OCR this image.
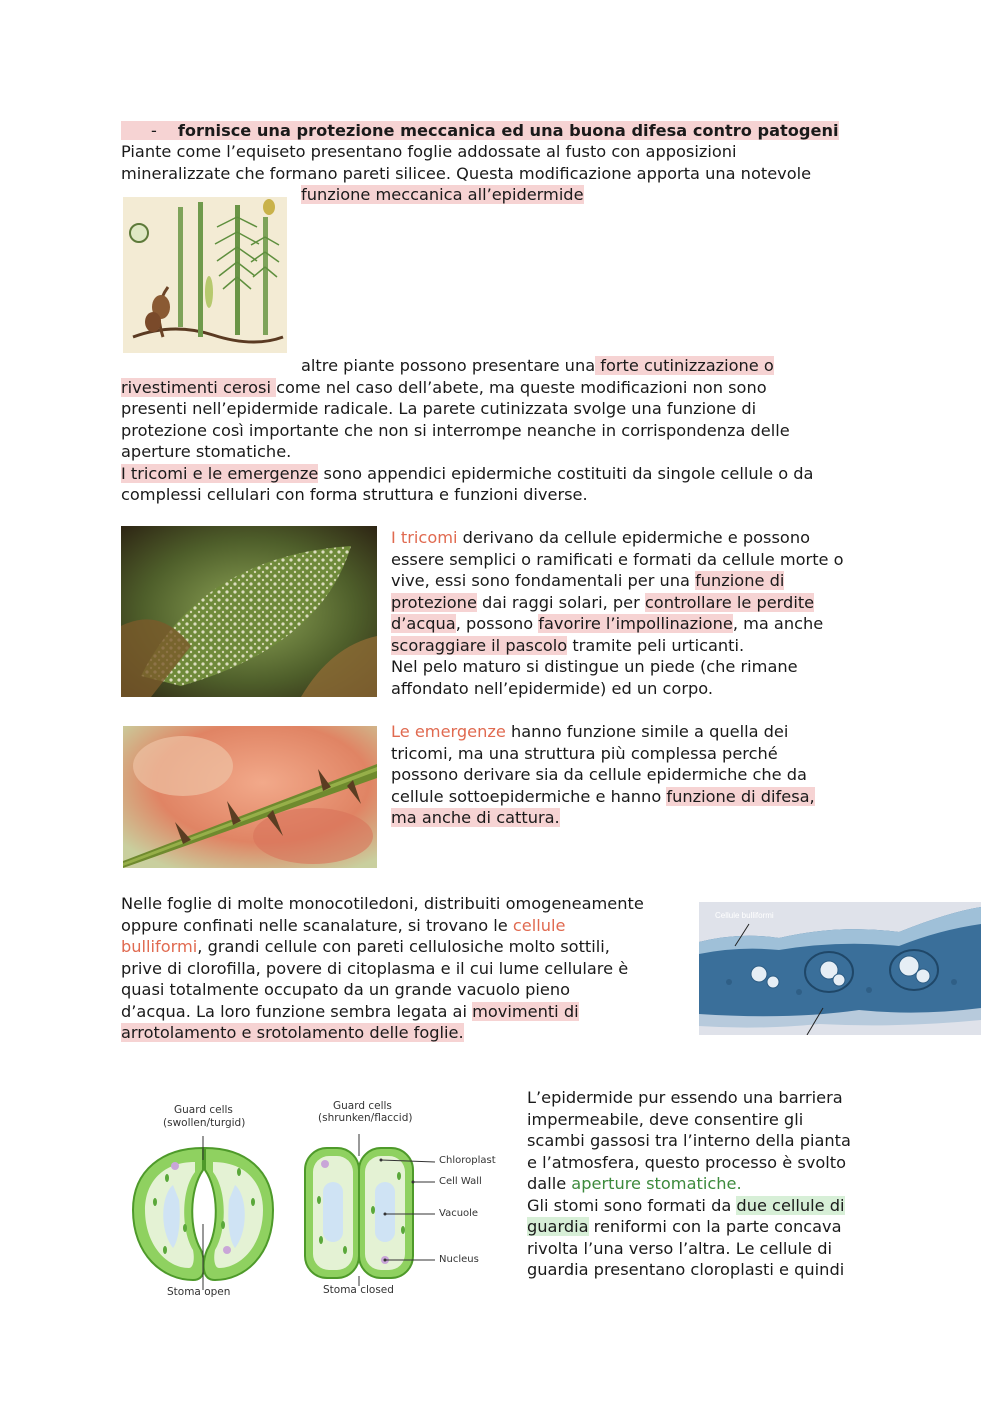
- fornisce una protezione meccanica ed una buona difesa contro patogeni

Piante come l’equiseto presentano foglie addossate al fusto con apposizioni

mineralizzate che formano pareti silicee. Questa modificazione apporta una notevole

funzione meccanica all’epidermide

altre piante possono presentare una forte cutinizzazione o

rivestimenti cerosi come nel caso dell’abete, ma queste modificazioni non sono

presenti nell’epidermide radicale. La parete cutinizzata svolge una funzione di

protezione così importante che non si interrompe neanche in corrispondenza delle

aperture stomatiche.

I tricomi e le emergenze sono appendici epidermiche costituiti da singole cellule o da

complessi cellulari con forma struttura e funzioni diverse.

I tricomi derivano da cellule epidermiche e possono

essere semplici o ramificati e formati da cellule morte o

vive, essi sono fondamentali per una funzione di

protezione dai raggi solari, per controllare le perdite

d’acqua, possono favorire l’impollinazione, ma anche

scoraggiare il pascolo tramite peli urticanti.

Nel pelo maturo si distingue un piede (che rimane

affondato nell’epidermide) ed un corpo.

Le emergenze hanno funzione simile a quella dei

tricomi, ma una struttura più complessa perché

possono derivare sia da cellule epidermiche che da

cellule sottoepidermiche e hanno funzione di difesa,

ma anche di cattura.

Nelle foglie di molte monocotiledoni, distribuiti omogeneamente

oppure confinati nelle scanalature, si trovano le cellule

bulliformi, grandi cellule con pareti cellulosiche molto sottili,

prive di clorofilla, povere di citoplasma e il cui lume cellulare è

quasi totalmente occupato da un grande vacuolo pieno

d’acqua. La loro funzione sembra legata ai movimenti di

arrotolamento e srotolamento delle foglie.

Cellule bulliformi
Guard cells
(swollen/turgid)
Guard cells
(shrunken/flaccid)
Chloroplast
Cell Wall
Vacuole
Nucleus
Stoma open	Stoma closed

L’epidermide pur essendo una barriera

impermeabile, deve consentire gli

scambi gassosi tra l’interno della pianta

e l’atmosfera, questo processo è svolto

dalle aperture stomatiche.

Gli stomi sono formati da due cellule di

guardia reniformi con la parte concava

rivolta l’una verso l’altra. Le cellule di

guardia presentano cloroplasti e quindi
